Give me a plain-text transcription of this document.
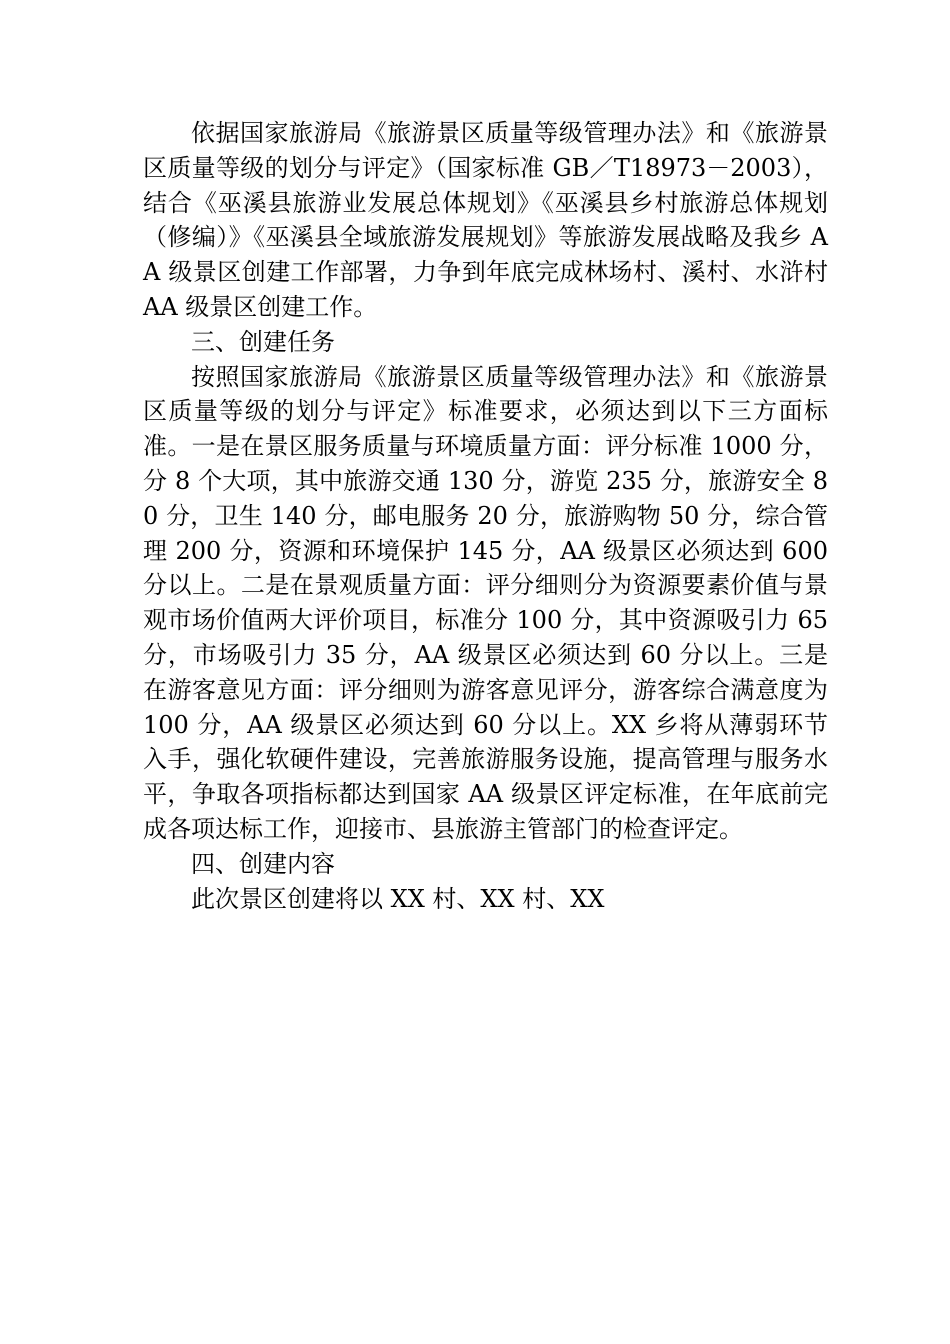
依据国家旅游局《旅游景区质量等级管理办法》和《旅游景区质量等级的划分与评定》（国家标准 GB／T18973－2003），结合《巫溪县旅游业发展总体规划》《巫溪县乡村旅游总体规划（修编）》《巫溪县全域旅游发展规划》等旅游发展战略及我乡 AA 级景区创建工作部署，力争到年底完成林场村、溪村、水浒村 AA 级景区创建工作。

三、创建任务

按照国家旅游局《旅游景区质量等级管理办法》和《旅游景区质量等级的划分与评定》标准要求，必须达到以下三方面标准。一是在景区服务质量与环境质量方面：评分标准 1000 分，分 8 个大项，其中旅游交通 130 分，游览 235 分，旅游安全 80 分，卫生 140 分，邮电服务 20 分，旅游购物 50 分，综合管理 200 分，资源和环境保护 145 分，AA 级景区必须达到 600 分以上。二是在景观质量方面：评分细则分为资源要素价值与景观市场价值两大评价项目，标准分 100 分，其中资源吸引力 65 分，市场吸引力 35 分，AA 级景区必须达到 60 分以上。三是在游客意见方面：评分细则为游客意见评分，游客综合满意度为 100 分，AA 级景区必须达到 60 分以上。XX 乡将从薄弱环节入手，强化软硬件建设，完善旅游服务设施，提高管理与服务水平，争取各项指标都达到国家 AA 级景区评定标准，在年底前完成各项达标工作，迎接市、县旅游主管部门的检查评定。

四、创建内容

此次景区创建将以 XX 村、XX 村、XX
